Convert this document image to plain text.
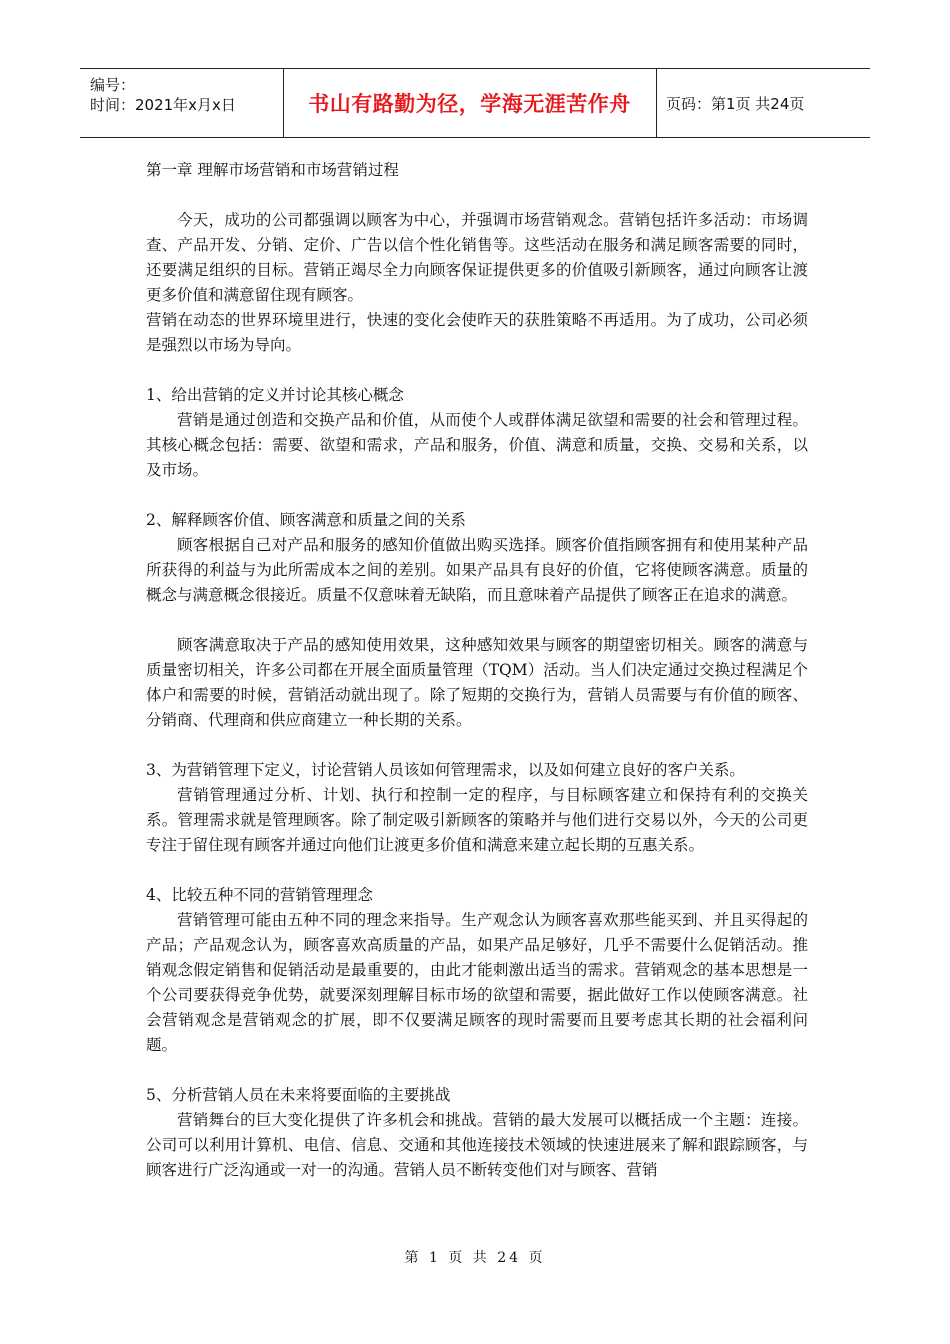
编号：
时间：2021年x月x日	书山有路勤为径，学海无涯苦作舟	页码：第1页 共24页

第一章 理解市场营销和市场营销过程

今天，成功的公司都强调以顾客为中心，并强调市场营销观念。营销包括许多活动：市场调查、产品开发、分销、定价、广告以信个性化销售等。这些活动在服务和满足顾客需要的同时，还要满足组织的目标。营销正竭尽全力向顾客保证提供更多的价值吸引新顾客，通过向顾客让渡更多价值和满意留住现有顾客。

营销在动态的世界环境里进行，快速的变化会使昨天的获胜策略不再适用。为了成功，公司必须是强烈以市场为导向。

1、给出营销的定义并讨论其核心概念

营销是通过创造和交换产品和价值，从而使个人或群体满足欲望和需要的社会和管理过程。其核心概念包括：需要、欲望和需求，产品和服务，价值、满意和质量，交换、交易和关系，以及市场。

2、解释顾客价值、顾客满意和质量之间的关系

顾客根据自己对产品和服务的感知价值做出购买选择。顾客价值指顾客拥有和使用某种产品所获得的利益与为此所需成本之间的差别。如果产品具有良好的价值，它将使顾客满意。质量的概念与满意概念很接近。质量不仅意味着无缺陷，而且意味着产品提供了顾客正在追求的满意。

顾客满意取决于产品的感知使用效果，这种感知效果与顾客的期望密切相关。顾客的满意与质量密切相关，许多公司都在开展全面质量管理（TQM）活动。当人们决定通过交换过程满足个体户和需要的时候，营销活动就出现了。除了短期的交换行为，营销人员需要与有价值的顾客、分销商、代理商和供应商建立一种长期的关系。

3、为营销管理下定义，讨论营销人员该如何管理需求，以及如何建立良好的客户关系。

营销管理通过分析、计划、执行和控制一定的程序，与目标顾客建立和保持有利的交换关系。管理需求就是管理顾客。除了制定吸引新顾客的策略并与他们进行交易以外，今天的公司更专注于留住现有顾客并通过向他们让渡更多价值和满意来建立起长期的互惠关系。

4、比较五种不同的营销管理理念

营销管理可能由五种不同的理念来指导。生产观念认为顾客喜欢那些能买到、并且买得起的产品；产品观念认为，顾客喜欢高质量的产品，如果产品足够好，几乎不需要什么促销活动。推销观念假定销售和促销活动是最重要的，由此才能刺激出适当的需求。营销观念的基本思想是一个公司要获得竞争优势，就要深刻理解目标市场的欲望和需要，据此做好工作以使顾客满意。社会营销观念是营销观念的扩展，即不仅要满足顾客的现时需要而且要考虑其长期的社会福利问题。

5、分析营销人员在未来将要面临的主要挑战

营销舞台的巨大变化提供了许多机会和挑战。营销的最大发展可以概括成一个主题：连接。公司可以利用计算机、电信、信息、交通和其他连接技术领域的快速进展来了解和跟踪顾客，与顾客进行广泛沟通或一对一的沟通。营销人员不断转变他们对与顾客、营销

第 1 页 共 24 页
